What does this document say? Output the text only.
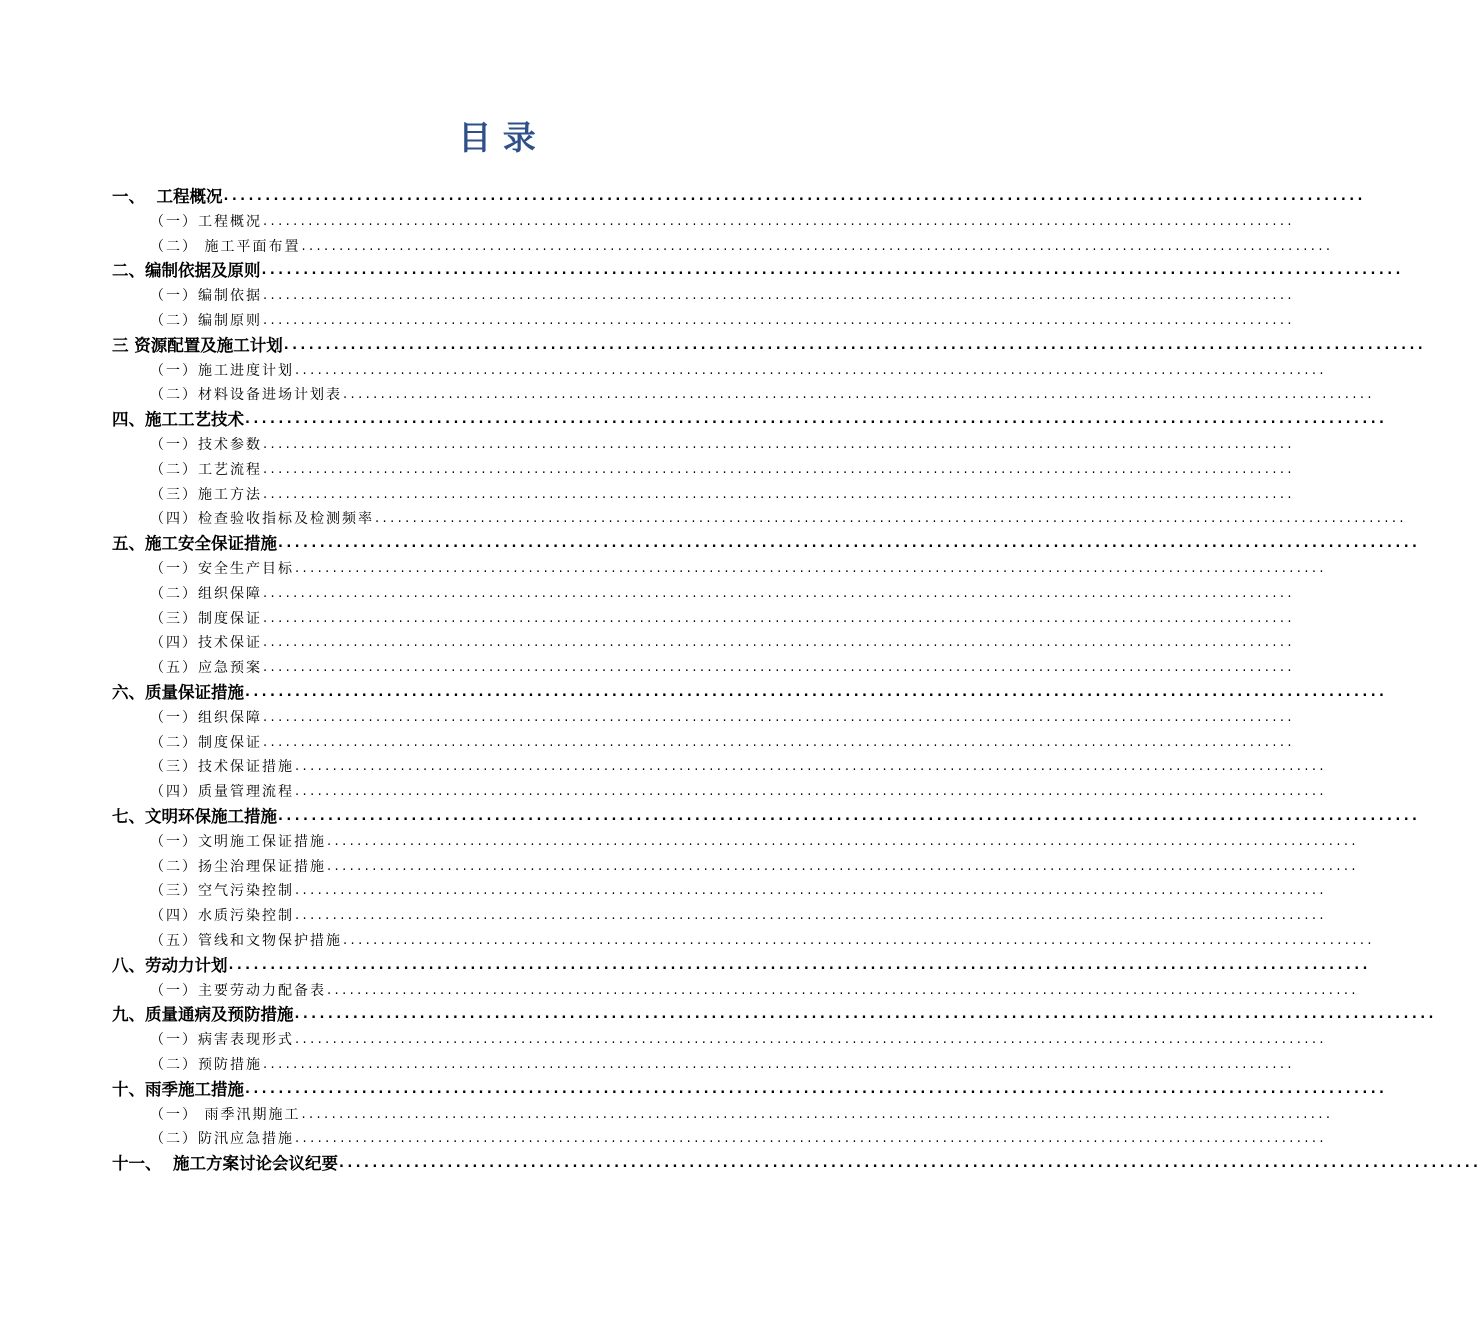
目 录
一、  工程概况 .........................................................................................................................................
（一）工程概况 .........................................................................................................................................
（二） 施工平面布置 .........................................................................................................................................
二、编制依据及原则 .........................................................................................................................................
（一）编制依据 .........................................................................................................................................
（二）编制原则 .........................................................................................................................................
三 资源配置及施工计划 .........................................................................................................................................
（一）施工进度计划 .........................................................................................................................................
（二）材料设备进场计划表 .........................................................................................................................................
四、施工工艺技术 .........................................................................................................................................
（一）技术参数 .........................................................................................................................................
（二）工艺流程 .........................................................................................................................................
（三）施工方法 .........................................................................................................................................
（四）检查验收指标及检测频率 .........................................................................................................................................
五、施工安全保证措施 .........................................................................................................................................
（一）安全生产目标 .........................................................................................................................................
（二）组织保障 .........................................................................................................................................
（三）制度保证 .........................................................................................................................................
（四）技术保证 .........................................................................................................................................
（五）应急预案 .........................................................................................................................................
六、质量保证措施 .........................................................................................................................................
（一）组织保障 .........................................................................................................................................
（二）制度保证 .........................................................................................................................................
（三）技术保证措施 .........................................................................................................................................
（四）质量管理流程 .........................................................................................................................................
七、文明环保施工措施 .........................................................................................................................................
（一）文明施工保证措施 .........................................................................................................................................
（二）扬尘治理保证措施 .........................................................................................................................................
（三）空气污染控制 .........................................................................................................................................
（四）水质污染控制 .........................................................................................................................................
（五）管线和文物保护措施 .........................................................................................................................................
八、劳动力计划 .........................................................................................................................................
（一）主要劳动力配备表 .........................................................................................................................................
九、质量通病及预防措施 .........................................................................................................................................
（一）病害表现形式 .........................................................................................................................................
（二）预防措施 .........................................................................................................................................
十、雨季施工措施 .........................................................................................................................................
（一） 雨季汛期施工 .........................................................................................................................................
（二）防汛应急措施 .........................................................................................................................................
十一、  施工方案讨论会议纪要 .........................................................................................................................................
